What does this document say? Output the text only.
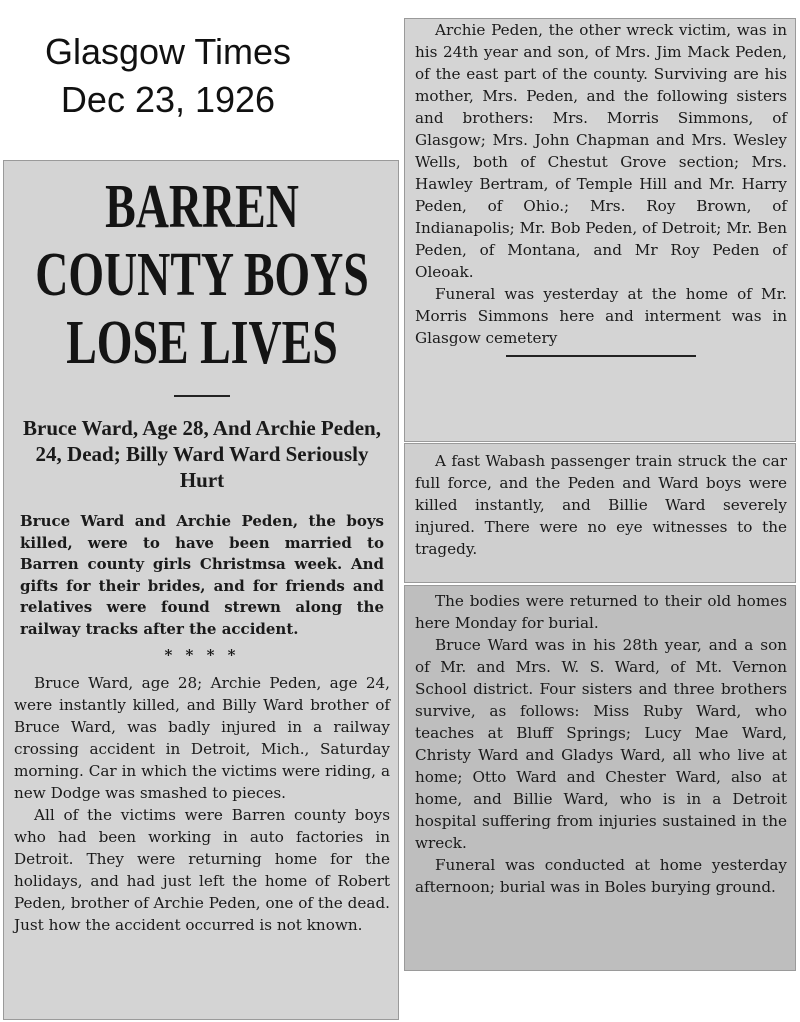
Glasgow Times
Dec 23, 1926
BARREN COUNTY BOYS LOSE LIVES
Bruce Ward, Age 28, And Archie Peden, 24, Dead; Billy Ward Ward Seriously Hurt
Bruce Ward and Archie Peden, the boys killed, were to have been married to Barren county girls Christmsa week. And gifts for their brides, and for friends and relatives were found strewn along the railway tracks after the accident.
* * * *

Bruce Ward, age 28; Archie Peden, age 24, were instantly killed, and Billy Ward brother of Bruce Ward, was badly injured in a railway crossing accident in Detroit, Mich., Saturday morning. Car in which the victims were riding, a new Dodge was smashed to pieces.

All of the victims were Barren county boys who had been working in auto factories in Detroit. They were returning home for the holidays, and had just left the home of Robert Peden, brother of Archie Peden, one of the dead. Just how the accident occurred is not known.

Archie Peden, the other wreck victim, was in his 24th year and son, of Mrs. Jim Mack Peden, of the east part of the county. Surviving are his mother, Mrs. Peden, and the following sisters and brothers: Mrs. Morris Simmons, of Glasgow; Mrs. John Chapman and Mrs. Wesley Wells, both of Chestut Grove section; Mrs. Hawley Bertram, of Temple Hill and Mr. Harry Peden, of Ohio.; Mrs. Roy Brown, of Indianapolis; Mr. Bob Peden, of Detroit; Mr. Ben Peden, of Montana, and Mr Roy Peden of Oleoak.

Funeral was yesterday at the home of Mr. Morris Simmons here and interment was in Glasgow cemetery

A fast Wabash passenger train struck the car full force, and the Peden and Ward boys were killed instantly, and Billie Ward severely injured. There were no eye witnesses to the tragedy.

The bodies were returned to their old homes here Monday for burial.

Bruce Ward was in his 28th year, and a son of Mr. and Mrs. W. S. Ward, of Mt. Vernon School district. Four sisters and three brothers survive, as follows: Miss Ruby Ward, who teaches at Bluff Springs; Lucy Mae Ward, Christy Ward and Gladys Ward, all who live at home; Otto Ward and Chester Ward, also at home, and Billie Ward, who is in a Detroit hospital suffering from injuries sustained in the wreck.

Funeral was conducted at home yesterday afternoon; burial was in Boles burying ground.
